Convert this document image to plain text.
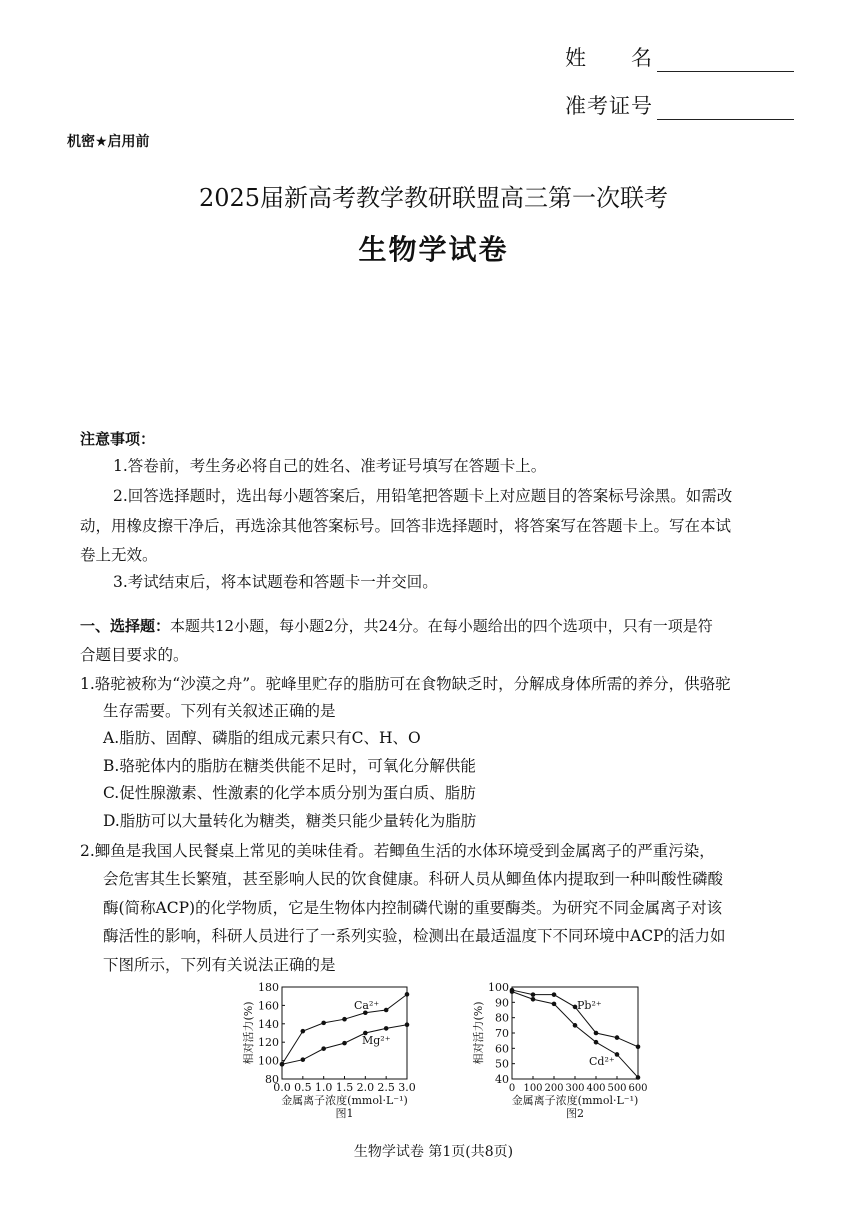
姓　　名
准考证号
机密★启用前
2025届新高考教学教研联盟高三第一次联考
生物学试卷
注意事项：
1.答卷前，考生务必将自己的姓名、准考证号填写在答题卡上。
2.回答选择题时，选出每小题答案后，用铅笔把答题卡上对应题目的答案标号涂黑。如需改
动，用橡皮擦干净后，再选涂其他答案标号。回答非选择题时，将答案写在答题卡上。写在本试
卷上无效。
3.考试结束后，将本试题卷和答题卡一并交回。
一、选择题：本题共12小题，每小题2分，共24分。在每小题给出的四个选项中，只有一项是符
合题目要求的。
1.骆驼被称为“沙漠之舟”。驼峰里贮存的脂肪可在食物缺乏时，分解成身体所需的养分，供骆驼
生存需要。下列有关叙述正确的是
A.脂肪、固醇、磷脂的组成元素只有C、H、O
B.骆驼体内的脂肪在糖类供能不足时，可氧化分解供能
C.促性腺激素、性激素的化学本质分别为蛋白质、脂肪
D.脂肪可以大量转化为糖类，糖类只能少量转化为脂肪
2.鲫鱼是我国人民餐桌上常见的美味佳肴。若鲫鱼生活的水体环境受到金属离子的严重污染，
会危害其生长繁殖，甚至影响人民的饮食健康。科研人员从鲫鱼体内提取到一种叫酸性磷酸
酶(简称ACP)的化学物质，它是生物体内控制磷代谢的重要酶类。为研究不同金属离子对该
酶活性的影响，科研人员进行了一系列实验，检测出在最适温度下不同环境中ACP的活力如
下图所示，下列有关说法正确的是
80
100
120
140
160
180
0.0 0.5 1.0 1.5 2.0 2.5 3.0
相对活力(%)
金属离子浓度(mmol·L⁻¹)
图1
Ca²⁺
Mg²⁺
40
50
60
70
80
90
100
0 100 200 300 400 500 600
相对活力(%)
金属离子浓度(mmol·L⁻¹)
图2
Pb²⁺
Cd²⁺
生物学试卷 第1页(共8页)
